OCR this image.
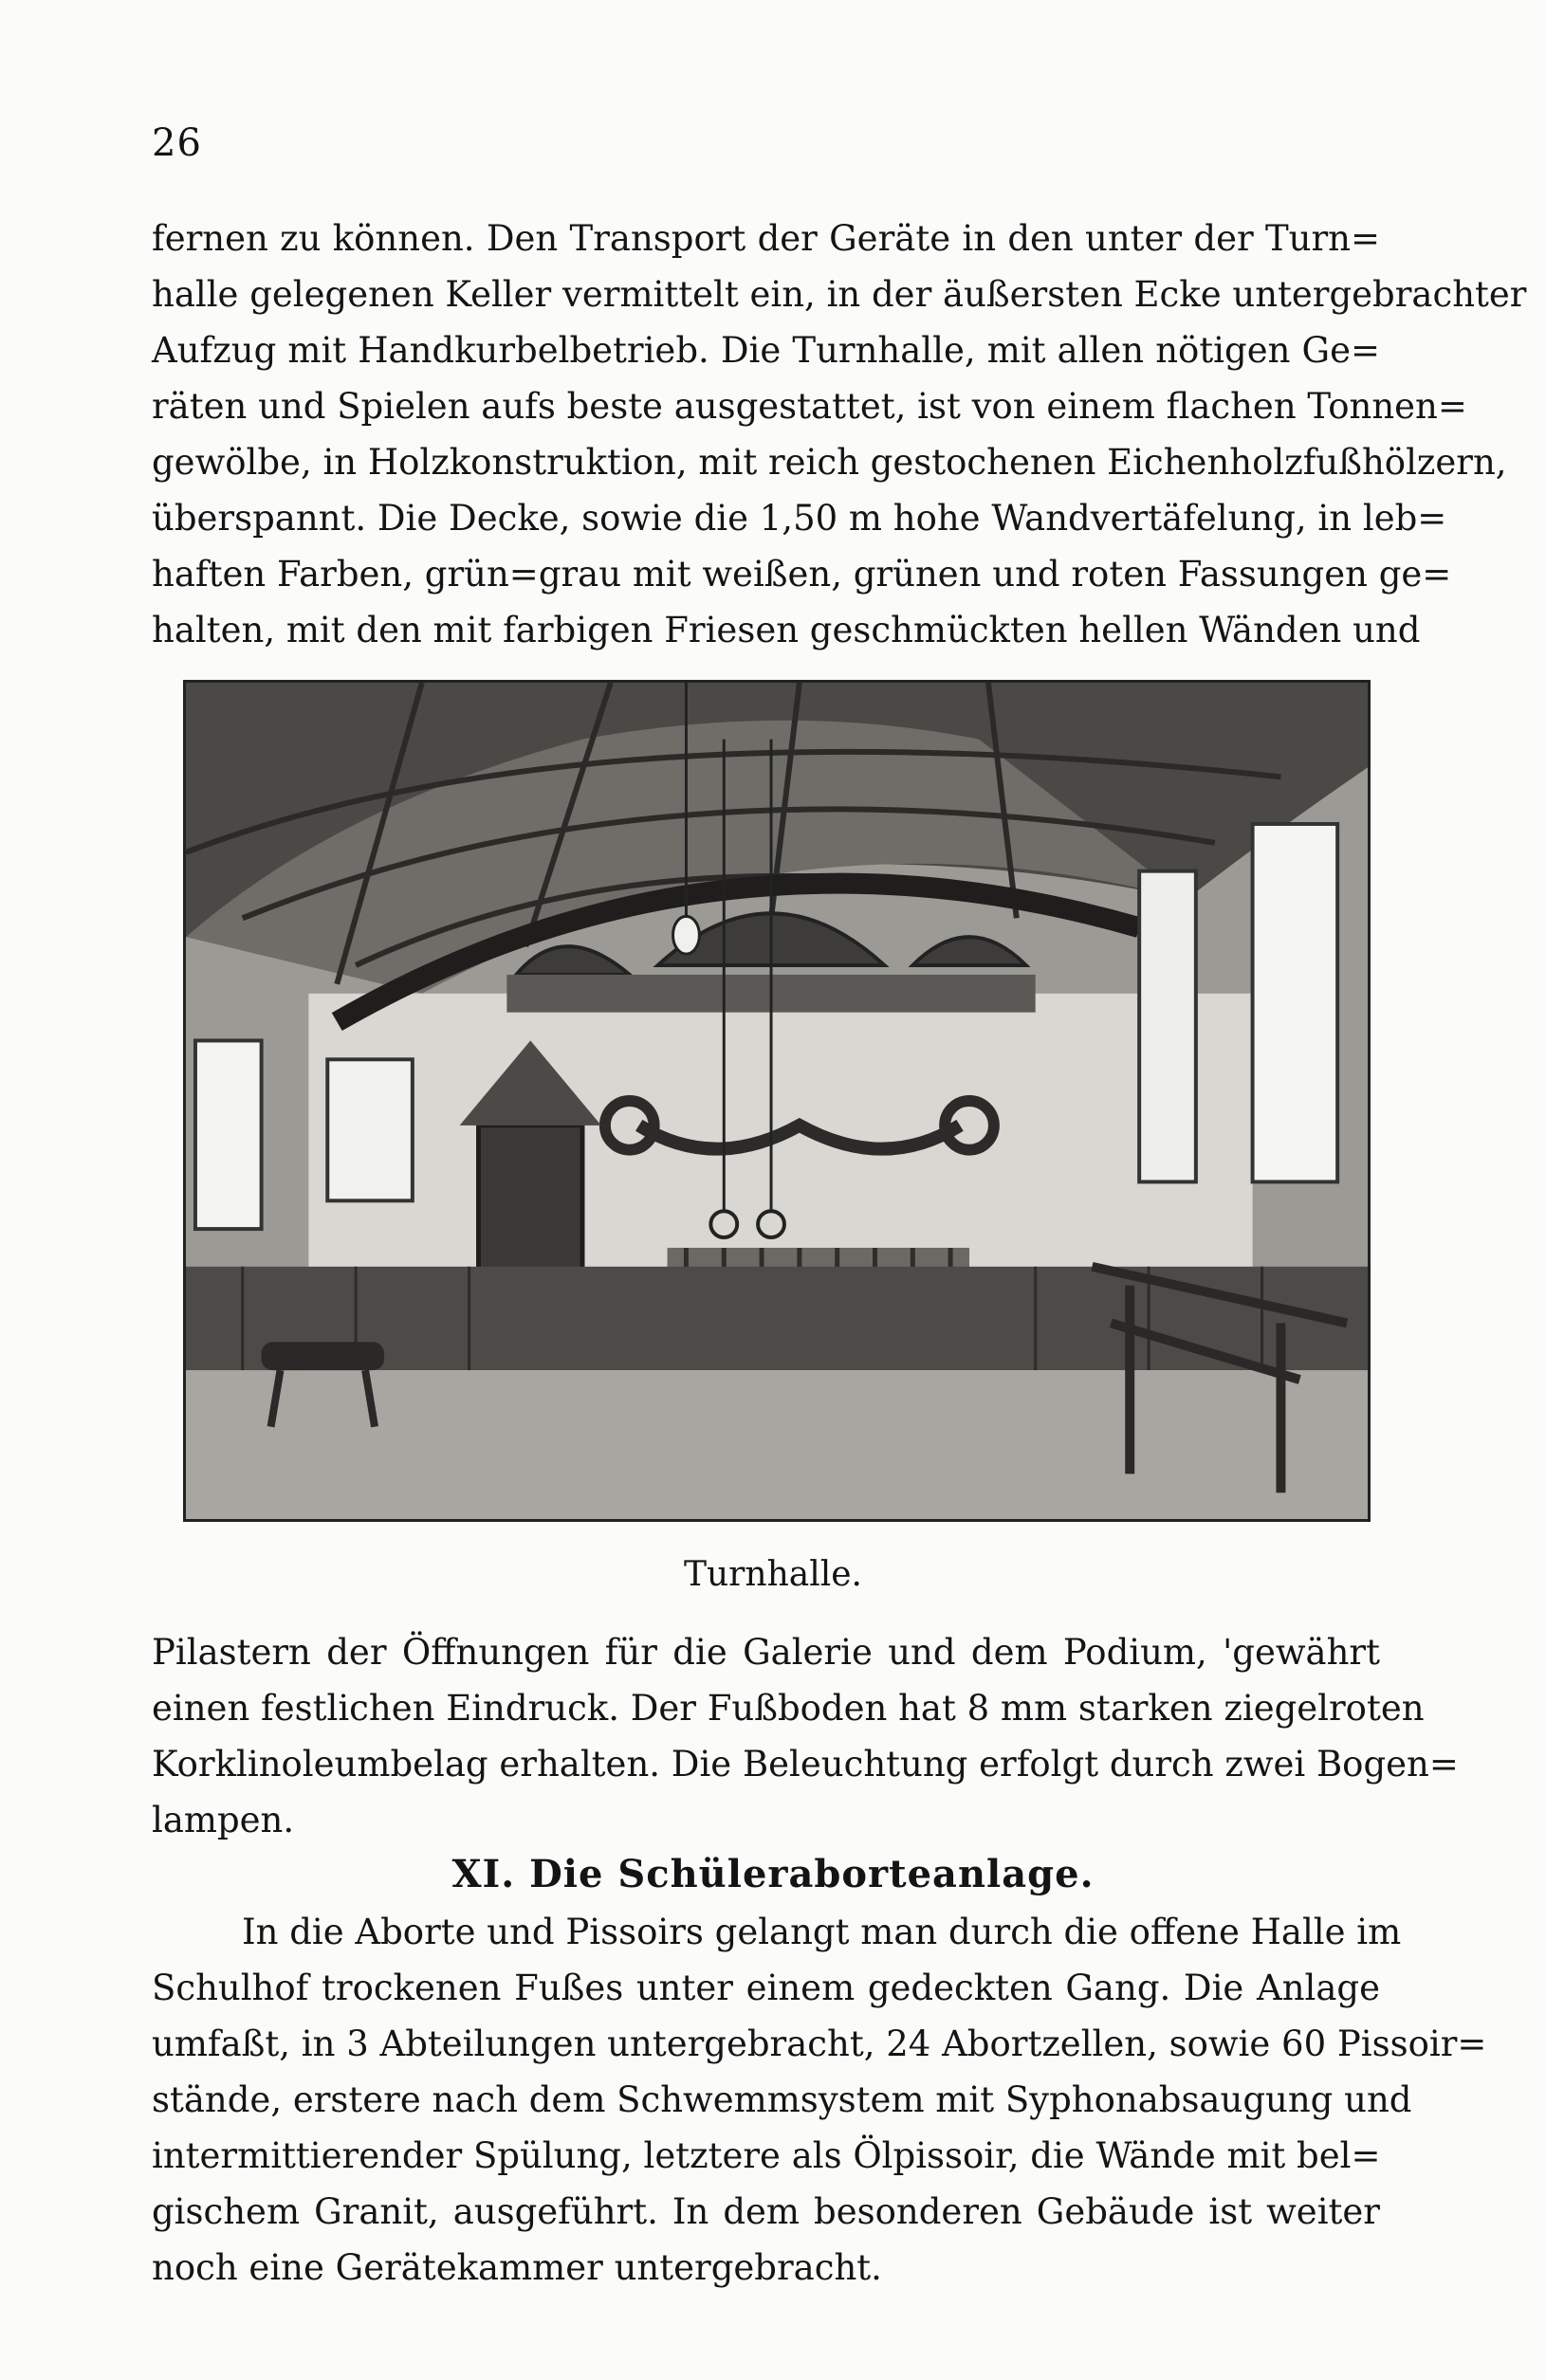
26
fernen zu können. Den Transport der Geräte in den unter der Turn=
halle gelegenen Keller vermittelt ein, in der äußersten Ecke untergebrachter
Aufzug mit Handkurbelbetrieb. Die Turnhalle, mit allen nötigen Ge=
räten und Spielen aufs beste ausgestattet, ist von einem flachen Tonnen=
gewölbe, in Holzkonstruktion, mit reich gestochenen Eichenholzfußhölzern,
überspannt. Die Decke, sowie die 1,50 m hohe Wandvertäfelung, in leb=
haften Farben, grün=grau mit weißen, grünen und roten Fassungen ge=
halten, mit den mit farbigen Friesen geschmückten hellen Wänden und
Turnhalle.
Pilastern der Öffnungen für die Galerie und dem Podium, 'gewährt
einen festlichen Eindruck. Der Fußboden hat 8 mm starken ziegelroten
Korklinoleumbelag erhalten. Die Beleuchtung erfolgt durch zwei Bogen=
lampen.
XI. Die Schüleraborteanlage.
In die Aborte und Pissoirs gelangt man durch die offene Halle im
Schulhof trockenen Fußes unter einem gedeckten Gang. Die Anlage
umfaßt, in 3 Abteilungen untergebracht, 24 Abortzellen, sowie 60 Pissoir=
stände, erstere nach dem Schwemmsystem mit Syphonabsaugung und
intermittierender Spülung, letztere als Ölpissoir, die Wände mit bel=
gischem Granit, ausgeführt. In dem besonderen Gebäude ist weiter
noch eine Gerätekammer untergebracht.
